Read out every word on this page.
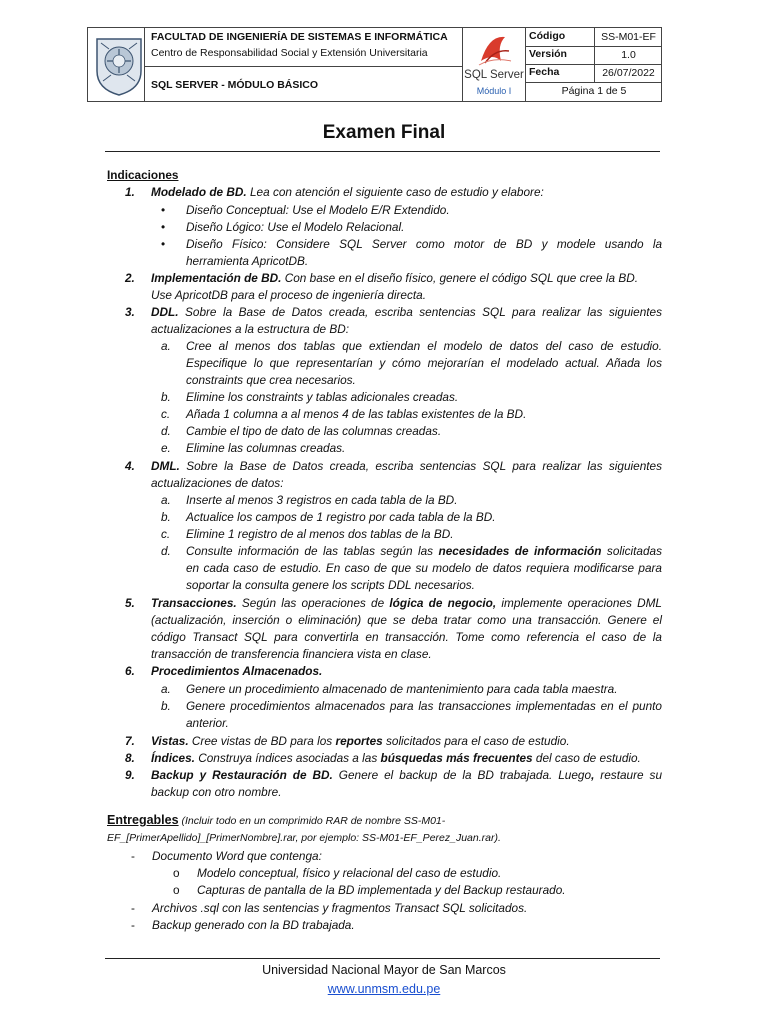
FACULTAD DE INGENIERÍA DE SISTEMAS E INFORMÁTICA
Centro de Responsabilidad Social y Extensión Universitaria
SQL SERVER - MÓDULO BÁSICO
SQL Server
Módulo I
Código	SS-M01-EF
Versión	1.0
Fecha	26/07/2022
Página 1 de 5
Examen Final
Indicaciones
1. Modelado de BD. Lea con atención el siguiente caso de estudio y elabore:
• Diseño Conceptual: Use el Modelo E/R Extendido.
• Diseño Lógico: Use el Modelo Relacional.
• Diseño Físico: Considere SQL Server como motor de BD y modele usando la
herramienta ApricotDB.
2. Implementación de BD. Con base en el diseño físico, genere el código SQL que cree la BD.
Use ApricotDB para el proceso de ingeniería directa.
3. DDL. Sobre la Base de Datos creada, escriba sentencias SQL para realizar las siguientes
actualizaciones a la estructura de BD:
a. Cree al menos dos tablas que extiendan el modelo de datos del caso de estudio.
Especifique lo que representarían y cómo mejorarían el modelado actual. Añada los
constraints que crea necesarios.
b. Elimine los constraints y tablas adicionales creadas.
c. Añada 1 columna a al menos 4 de las tablas existentes de la BD.
d. Cambie el tipo de dato de las columnas creadas.
e. Elimine las columnas creadas.
4. DML. Sobre la Base de Datos creada, escriba sentencias SQL para realizar las siguientes
actualizaciones de datos:
a. Inserte al menos 3 registros en cada tabla de la BD.
b. Actualice los campos de 1 registro por cada tabla de la BD.
c. Elimine 1 registro de al menos dos tablas de la BD.
d. Consulte información de las tablas según las necesidades de información solicitadas
en cada caso de estudio. En caso de que su modelo de datos requiera modificarse para
soportar la consulta genere los scripts DDL necesarios.
5. Transacciones. Según las operaciones de lógica de negocio, implemente operaciones DML
(actualización, inserción o eliminación) que se deba tratar como una transacción. Genere el
código Transact SQL para convertirla en transacción. Tome como referencia el caso de la
transacción de transferencia financiera vista en clase.
6. Procedimientos Almacenados.
a. Genere un procedimiento almacenado de mantenimiento para cada tabla maestra.
b. Genere procedimientos almacenados para las transacciones implementadas en el punto
anterior.
7. Vistas. Cree vistas de BD para los reportes solicitados para el caso de estudio.
8. Índices. Construya índices asociadas a las búsquedas más frecuentes del caso de estudio.
9. Backup y Restauración de BD. Genere el backup de la BD trabajada. Luego, restaure su
backup con otro nombre.
Entregables (Incluir todo en un comprimido RAR de nombre SS-M01-
EF_[PrimerApellido]_[PrimerNombre].rar, por ejemplo: SS-M01-EF_Perez_Juan.rar).
- Documento Word que contenga:
o Modelo conceptual, físico y relacional del caso de estudio.
o Capturas de pantalla de la BD implementada y del Backup restaurado.
- Archivos .sql con las sentencias y fragmentos Transact SQL solicitados.
- Backup generado con la BD trabajada.
Universidad Nacional Mayor de San Marcos
www.unmsm.edu.pe
